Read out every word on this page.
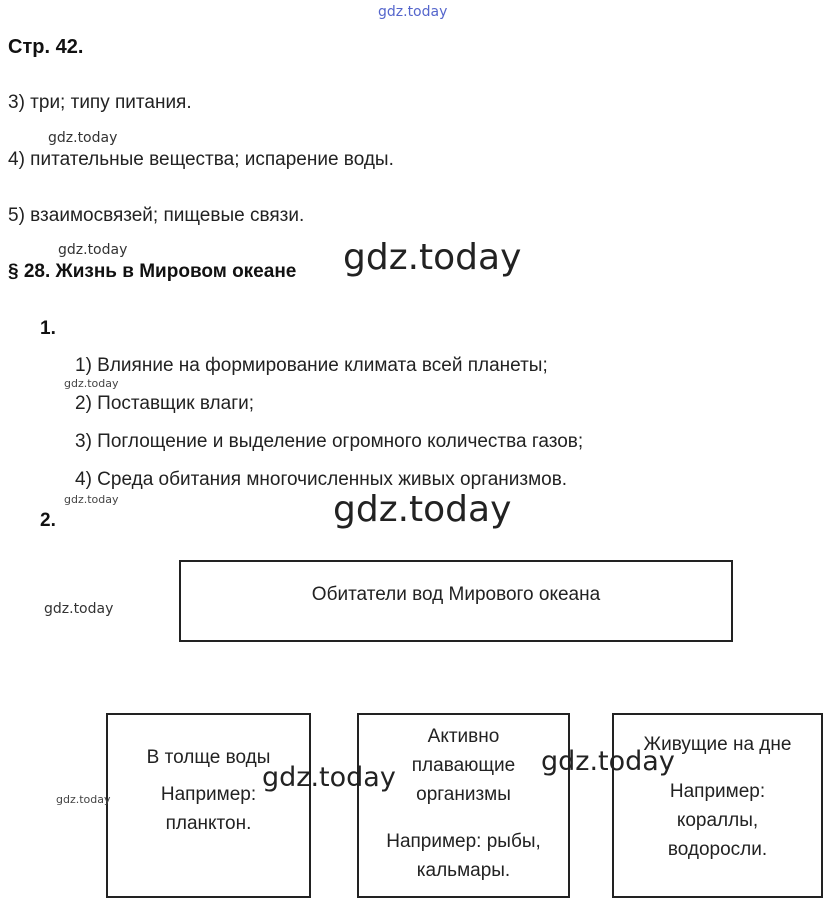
gdz.today
gdz.today
gdz.today	gdz.today
gdz.today
gdz.today	gdz.today
gdz.today
Стр. 42.
3) три; типу питания.
4) питательные вещества; испарение воды.
5) взаимосвязей; пищевые связи.
§ 28. Жизнь в Мировом океане
1.
1) Влияние на формирование климата всей планеты;
2) Поставщик влаги;
3) Поглощение и выделение огромного количества газов;
4) Среда обитания многочисленных живых организмов.
2.

Обитатели вод Мирового океана

В толще воды

Например:

планктон.

Активно

плавающие

организмы

Например: рыбы,

кальмары.

Живущие на дне

Например:

кораллы,

водоросли.

gdz.today
gdz.today
gdz.today
